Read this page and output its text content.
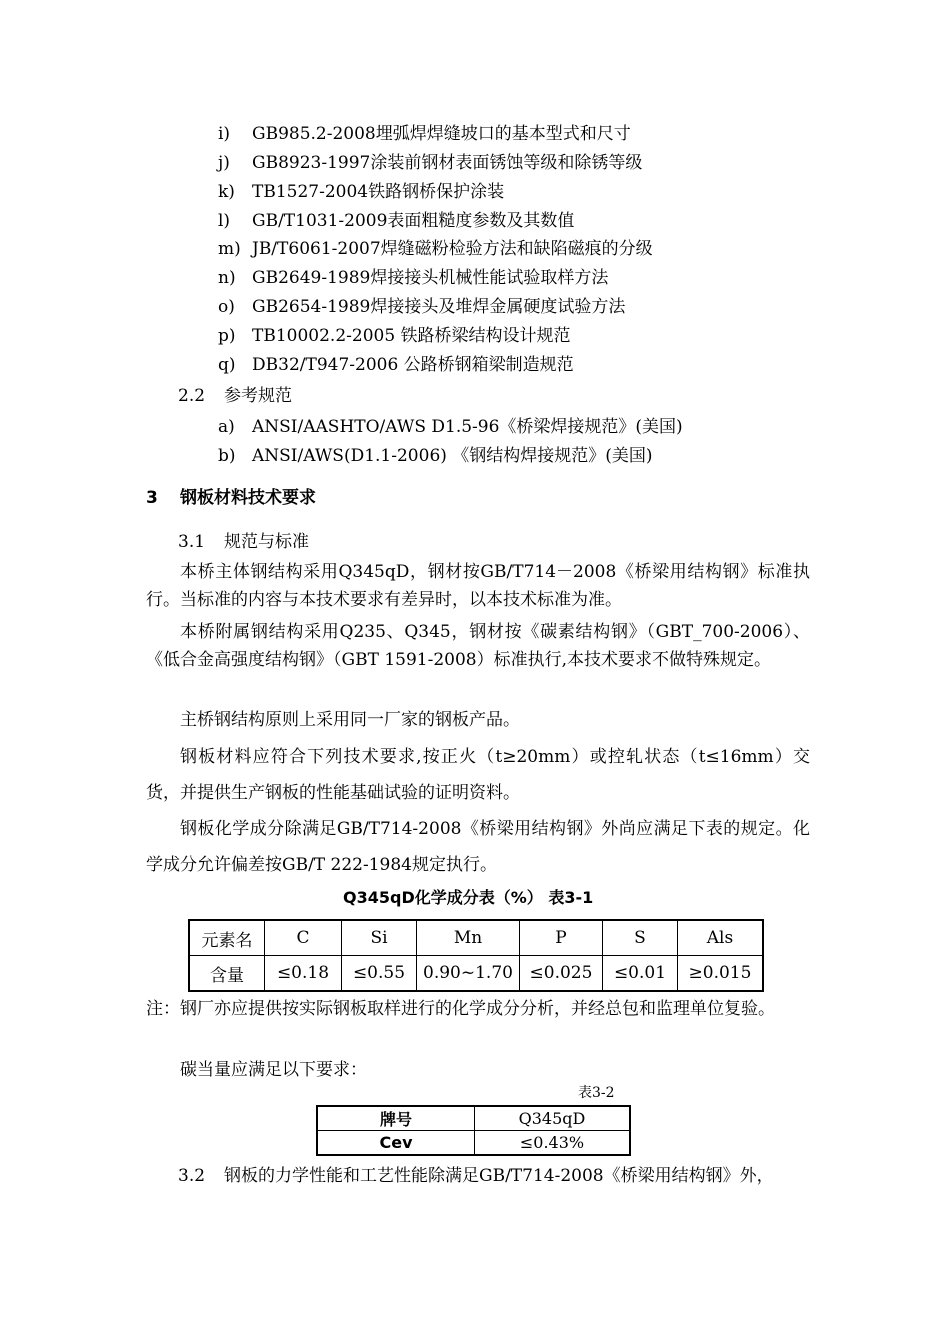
i) GB985.2-2008埋弧焊焊缝坡口的基本型式和尺寸
j) GB8923-1997涂装前钢材表面锈蚀等级和除锈等级
k) TB1527-2004铁路钢桥保护涂装
l) GB/T1031-2009表面粗糙度参数及其数值
m) JB/T6061-2007焊缝磁粉检验方法和缺陷磁痕的分级
n) GB2649-1989焊接接头机械性能试验取样方法
o) GB2654-1989焊接接头及堆焊金属硬度试验方法
p) TB10002.2-2005 铁路桥梁结构设计规范
q) DB32/T947-2006 公路桥钢箱梁制造规范
2.2 参考规范
a) ANSI/AASHTO/AWS D1.5-96《桥梁焊接规范》(美国)
b) ANSI/AWS(D1.1-2006) 《钢结构焊接规范》(美国)
3 钢板材料技术要求
3.1 规范与标准
本桥主体钢结构采用Q345qD，钢材按GB/T714－2008《桥梁用结构钢》标准执行。当标准的内容与本技术要求有差异时，以本技术标准为准。
本桥附属钢结构采用Q235、Q345，钢材按《碳素结构钢》（GBT_700-2006）、《低合金高强度结构钢》（GBT 1591-2008）标准执行,本技术要求不做特殊规定。
主桥钢结构原则上采用同一厂家的钢板产品。
钢板材料应符合下列技术要求,按正火（t≥20mm）或控轧状态（t≤16mm）交货，并提供生产钢板的性能基础试验的证明资料。
钢板化学成分除满足GB/T714-2008《桥梁用结构钢》外尚应满足下表的规定。化学成分允许偏差按GB/T 222-1984规定执行。
Q345qD化学成分表（%） 表3-1
元素名	C	Si	Mn	P	S	Als
含量	≤0.18	≤0.55	0.90~1.70	≤0.025	≤0.01	≥0.015
注：钢厂亦应提供按实际钢板取样进行的化学成分分析，并经总包和监理单位复验。
碳当量应满足以下要求：
表3-2
牌号	Q345qD
Cev	≤0.43%
3.2 钢板的力学性能和工艺性能除满足GB/T714-2008《桥梁用结构钢》外，
